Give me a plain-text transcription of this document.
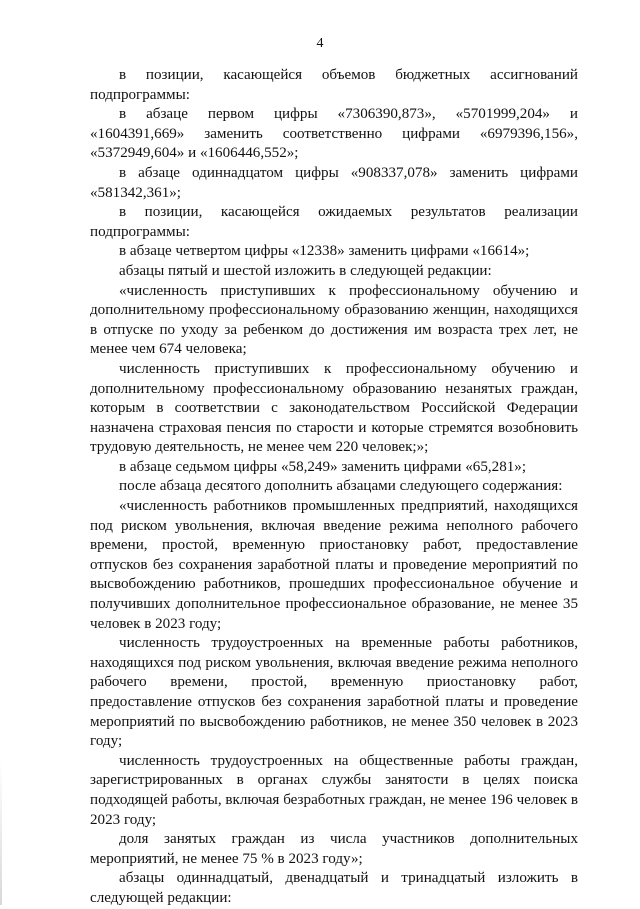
4

в позиции, касающейся объемов бюджетных ассигнований подпрограммы:

в абзаце первом цифры «7306390,873», «5701999,204» и «1604391,669» заменить соответственно цифрами «6979396,156», «5372949,604» и «1606446,552»;

в абзаце одиннадцатом цифры «908337,078» заменить цифрами «581342,361»;

в позиции, касающейся ожидаемых результатов реализации подпрограммы:

в абзаце четвертом цифры «12338» заменить цифрами «16614»;

абзацы пятый и шестой изложить в следующей редакции:

«численность приступивших к профессиональному обучению и дополнительному профессиональному образованию женщин, находящихся в отпуске по уходу за ребенком до достижения им возраста трех лет, не менее чем 674 человека;

численность приступивших к профессиональному обучению и дополнительному профессиональному образованию незанятых граждан, которым в соответствии с законодательством Российской Федерации назначена страховая пенсия по старости и которые стремятся возобновить трудовую деятельность, не менее чем 220 человек;»;

в абзаце седьмом цифры «58,249» заменить цифрами «65,281»;

после абзаца десятого дополнить абзацами следующего содержания:

«численность работников промышленных предприятий, находящихся под риском увольнения, включая введение режима неполного рабочего времени, простой, временную приостановку работ, предоставление отпусков без сохранения заработной платы и проведение мероприятий по высвобождению работников, прошедших профессиональное обучение и получивших дополнительное профессиональное образование, не менее 35 человек в 2023 году;

численность трудоустроенных на временные работы работников, находящихся под риском увольнения, включая введение режима неполного рабочего времени, простой, временную приостановку работ, предоставление отпусков без сохранения заработной платы и проведение мероприятий по высвобождению работников, не менее 350 человек в 2023 году;

численность трудоустроенных на общественные работы граждан, зарегистрированных в органах службы занятости в целях поиска подходящей работы, включая безработных граждан, не менее 196 человек в 2023 году;

доля занятых граждан из числа участников дополнительных мероприятий, не менее 75 % в 2023 году»;

абзацы одиннадцатый, двенадцатый и тринадцатый изложить в следующей редакции:
